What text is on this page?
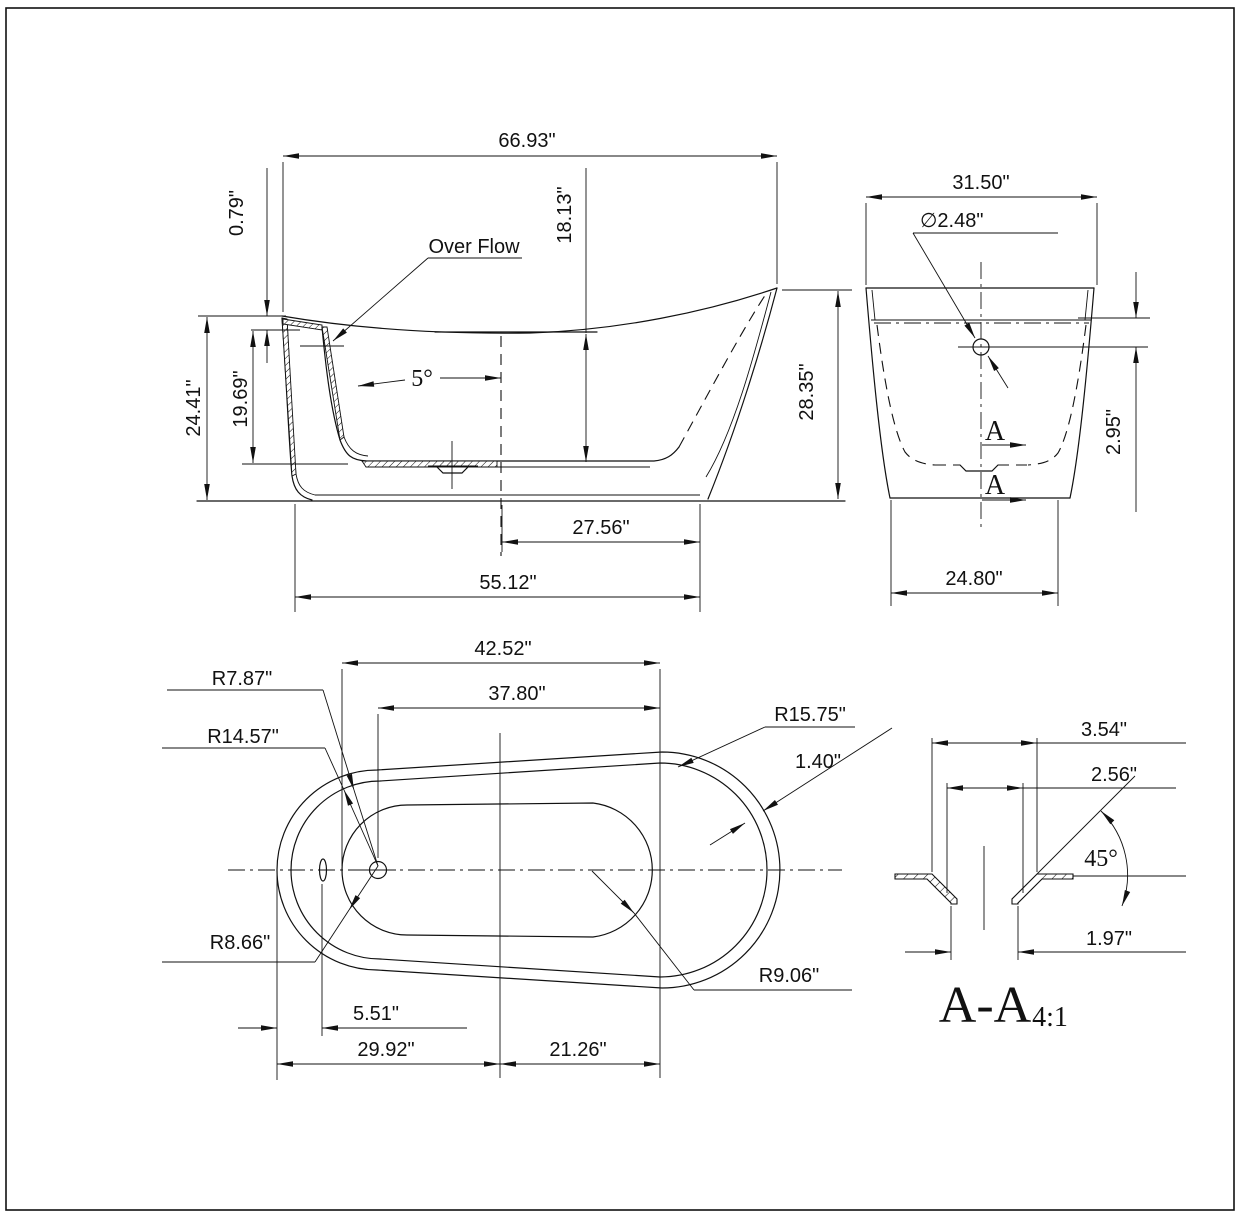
66.93"
0.79"
24.41" 19.69"
18.13"
28.35"
27.56"
55.12"
5°
Over Flow
31.50"
∅2.48"
2.95"
24.80"
A
A
42.52"
37.80"
R7.87"
R14.57"
R8.66"
R15.75"
1.40"
R9.06"
5.51"
29.92"	21.26"
3.54"
2.56"
45°
1.97"
A-A 4:1
